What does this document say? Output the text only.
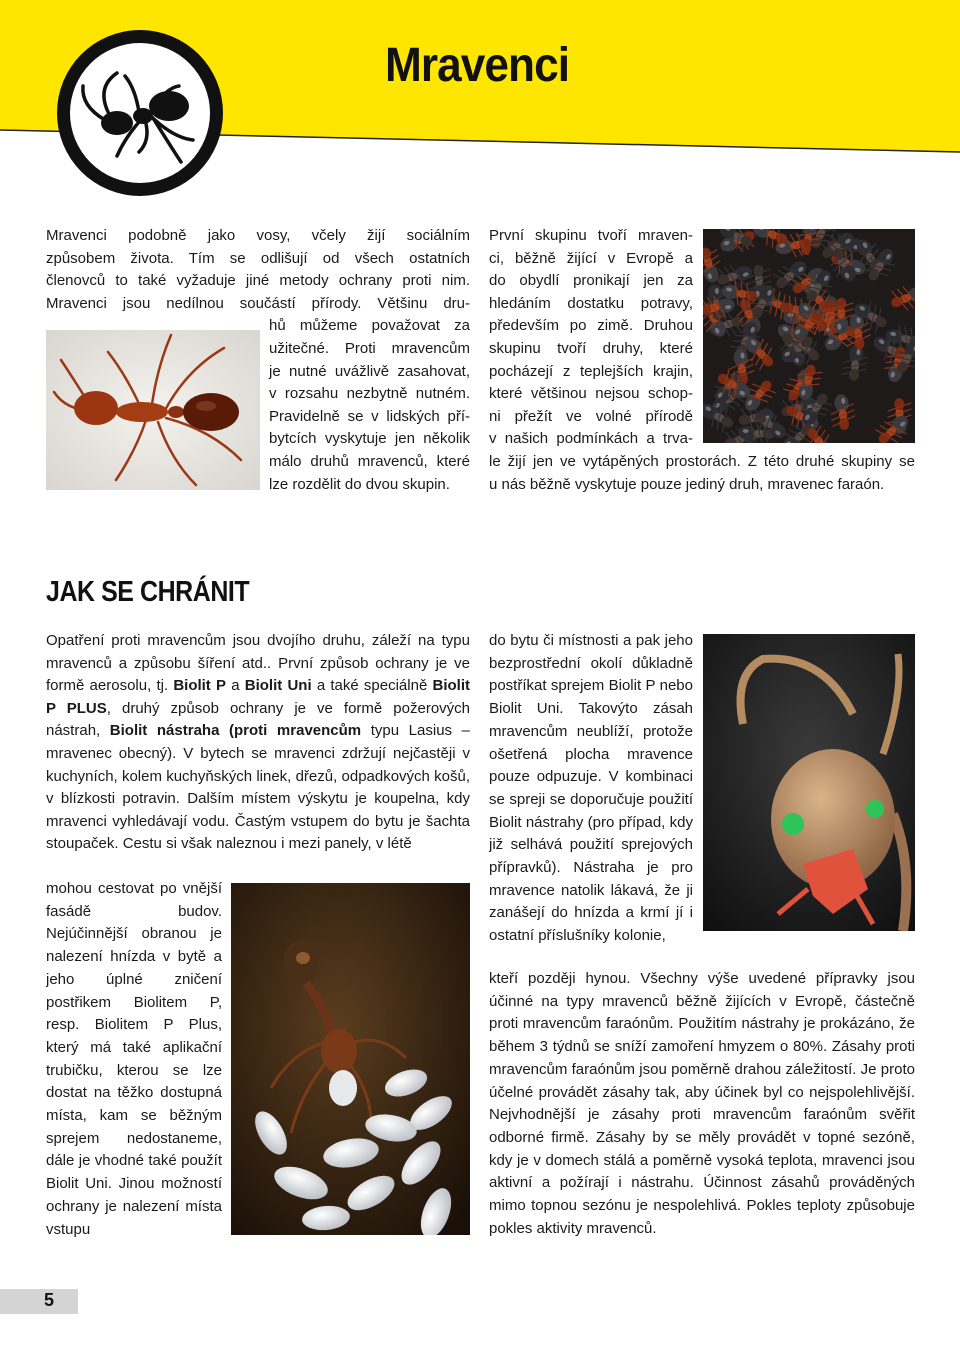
Mravenci
Mravenci podobně jako vosy, včely žijí sociálním
způsobem života. Tím se odlišují od všech ostatních
členovců to také vyžaduje jiné metody ochrany proti nim.
Mravenci jsou nedílnou součástí přírody. Většinu dru-
hů můžeme považovat za
užitečné. Proti mravencům
je nutné uvážlivě zasahovat,
v rozsahu nezbytně nutném.
Pravidelně se v lidských pří-
bytcích vyskytuje jen několik
málo druhů mravenců, které
lze rozdělit do dvou skupin.
První skupinu tvoří mraven-
ci, běžně žijící v Evropě a
do obydlí pronikají jen za
hledáním dostatku potravy,
především po zimě. Druhou
skupinu tvoří druhy, které
pocházejí z teplejších krajin,
které většinou nejsou schop-
ni přežít ve volné přírodě
v našich podmínkách a trva-
le žijí jen ve vytápěných prostorách. Z této druhé skupiny se
u nás běžně vyskytuje pouze jediný druh, mravenec faraón.
JAK SE CHRÁNIT
Opatření proti mravencům jsou dvojího druhu, záleží na typu mravenců a způsobu šíření atd.. První způsob ochrany je ve formě aerosolu, tj. Biolit P a Biolit Uni a také speciálně Biolit P PLUS, druhý způsob ochrany je ve formě požerových nástrah, Biolit nástraha (proti mravencům typu Lasius – mravenec obecný). V bytech se mravenci zdržují nejčastěji v kuchyních, kolem kuchyňských linek, dřezů, odpadkových košů, v blízkosti potravin. Dalším místem výskytu je koupelna, kdy mravenci vyhledávají vodu. Častým vstupem do bytu je šachta stoupaček. Cestu si však naleznou i mezi panely, v létě
mohou cestovat po vnější fasádě budov. Nejúčinnější obranou je nalezení hnízda v bytě a jeho úplné zničení postřikem Biolitem P, resp. Biolitem P Plus, který má také aplikační trubičku, kterou se lze dostat na těžko dostupná místa, kam se běžným sprejem nedostaneme, dále je vhodné také použít Biolit Uni. Jinou možností ochrany je nalezení místa vstupu
do bytu či místnosti a pak jeho bezprostřední okolí důkladně postříkat sprejem Biolit P nebo Biolit Uni. Takovýto zásah mravencům neublíží, protože ošetřená plocha mravence pouze odpuzuje. V kombinaci se spreji se doporučuje použití Biolit nástrahy (pro případ, kdy již selhává použití sprejových přípravků). Nástraha je pro mravence natolik lákavá, že ji zanášejí do hnízda a krmí jí i ostatní příslušníky kolonie,
kteří později hynou. Všechny výše uvedené přípravky jsou účinné na typy mravenců běžně žijících v Evropě, částečně proti mravencům faraónům. Použitím nástrahy je prokázáno, že během 3 týdnů se sníží zamoření hmyzem o 80%. Zásahy proti mravencům faraónům jsou poměrně drahou záležitostí. Je proto účelné provádět zásahy tak, aby účinek byl co nejspolehlivější. Nejvhodnější je zásahy proti mravencům faraónům svěřit odborné firmě. Zásahy by se měly provádět v topné sezóně, kdy je v domech stálá a poměrně vysoká teplota, mravenci jsou aktivní a požírají i nástrahu. Účinnost zásahů prováděných mimo topnou sezónu je nespolehlivá. Pokles teploty způsobuje pokles aktivity mravenců.
5
